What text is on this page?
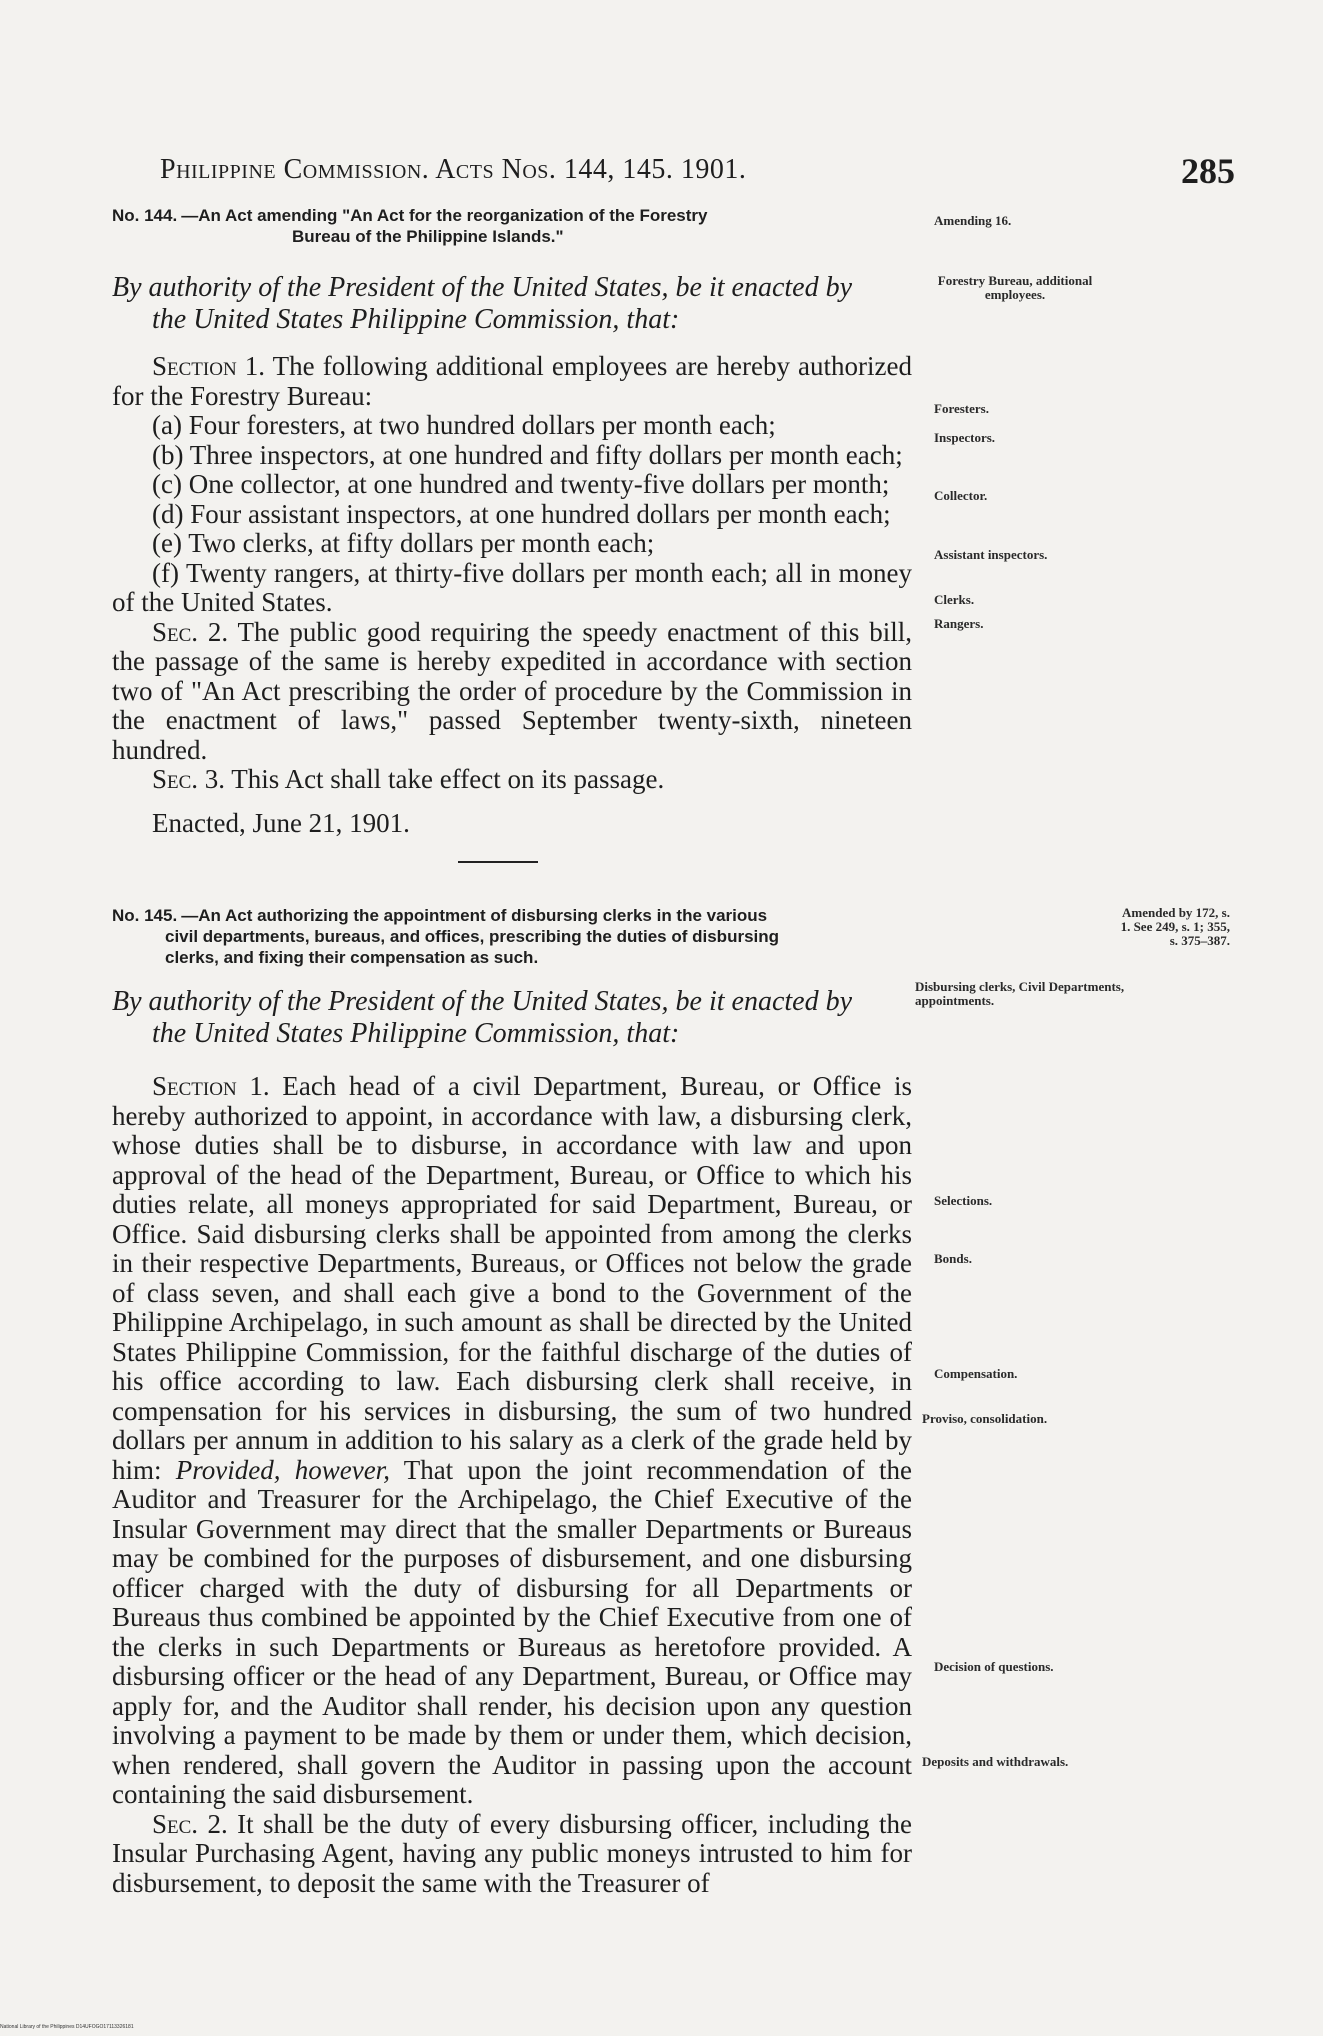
Philippine Commission. Acts Nos. 144, 145. 1901.	285
No. 144. —An Act amending "An Act for the reorganization of the Forestry
Bureau of the Philippine Islands."
By authority of the President of the United States, be it enacted by
the United States Philippine Commission, that:

Section 1. The following additional employees are hereby authorized for the Forestry Bureau:

(a) Four foresters, at two hundred dollars per month each;

(b) Three inspectors, at one hundred and fifty dollars per month each;

(c) One collector, at one hundred and twenty-five dollars per month;

(d) Four assistant inspectors, at one hundred dollars per month each;

(e) Two clerks, at fifty dollars per month each;

(f) Twenty rangers, at thirty-five dollars per month each; all in money of the United States.

Sec. 2. The public good requiring the speedy enactment of this bill, the passage of the same is hereby expedited in accordance with section two of "An Act prescribing the order of procedure by the Commission in the enactment of laws," passed September twenty-sixth, nineteen hundred.

Sec. 3. This Act shall take effect on its passage.

Enacted, June 21, 1901.

No. 145. —An Act authorizing the appointment of disbursing clerks in the various
civil departments, bureaus, and offices, prescribing the duties of disbursing
clerks, and fixing their compensation as such.
By authority of the President of the United States, be it enacted by
the United States Philippine Commission, that:

Section 1. Each head of a civil Department, Bureau, or Office is hereby authorized to appoint, in accordance with law, a disbursing clerk, whose duties shall be to disburse, in accordance with law and upon approval of the head of the Department, Bureau, or Office to which his duties relate, all moneys appropriated for said Department, Bureau, or Office. Said disbursing clerks shall be appointed from among the clerks in their respective Departments, Bureaus, or Offices not below the grade of class seven, and shall each give a bond to the Government of the Philippine Archipelago, in such amount as shall be directed by the United States Philippine Commission, for the faithful discharge of the duties of his office according to law. Each disbursing clerk shall receive, in compensation for his services in disbursing, the sum of two hundred dollars per annum in addition to his salary as a clerk of the grade held by him: Provided, however, That upon the joint recommendation of the Auditor and Treasurer for the Archipelago, the Chief Executive of the Insular Government may direct that the smaller Departments or Bureaus may be combined for the purposes of disbursement, and one disbursing officer charged with the duty of disbursing for all Departments or Bureaus thus combined be appointed by the Chief Executive from one of the clerks in such Departments or Bureaus as heretofore provided. A disbursing officer or the head of any Department, Bureau, or Office may apply for, and the Auditor shall render, his decision upon any question involving a payment to be made by them or under them, which decision, when rendered, shall govern the Auditor in passing upon the account containing the said disbursement.

Sec. 2. It shall be the duty of every disbursing officer, including the Insular Purchasing Agent, having any public moneys intrusted to him for disbursement, to deposit the same with the Treasurer of

Amending 16.
Forestry Bureau, additional employees.
Foresters.
Inspectors.
Collector.
Assistant inspectors.
Clerks.
Rangers.
Amended by 172, s. 1. See 249, s. 1; 355, s. 375–387.
Disbursing clerks, Civil Departments, appointments.
Selections.
Bonds.
Compensation.
Proviso, consolidation.
Decision of questions.
Deposits and withdrawals.
National Library of the Philippines D14UFOGO17113326181
